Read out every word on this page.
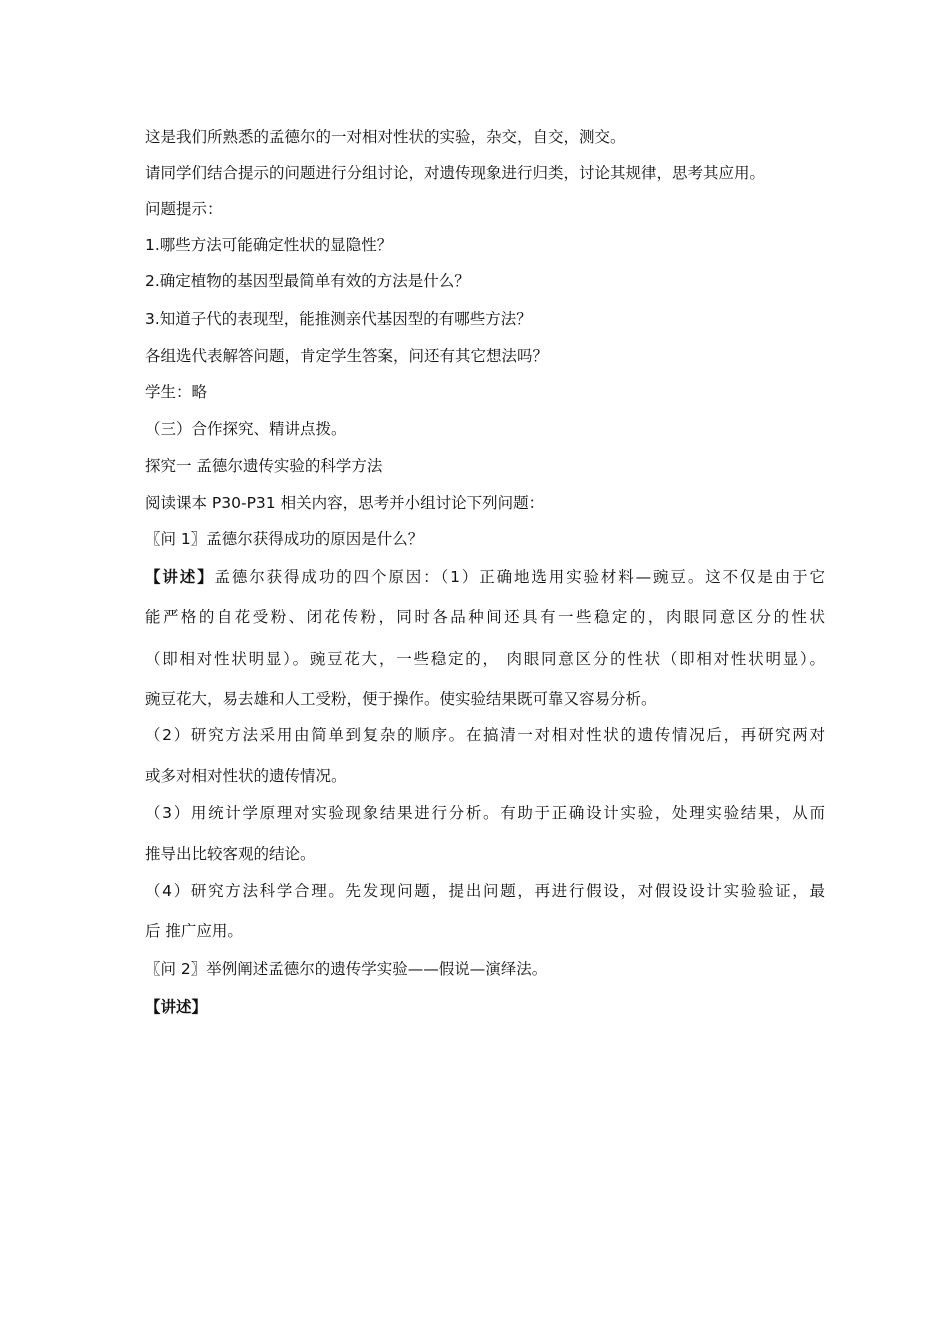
这是我们所熟悉的孟德尔的一对相对性状的实验，杂交，自交，测交。
请同学们结合提示的问题进行分组讨论，对遗传现象进行归类，讨论其规律，思考其应用。
问题提示：
1.哪些方法可能确定性状的显隐性？
2.确定植物的基因型最简单有效的方法是什么？
3.知道子代的表现型，能推测亲代基因型的有哪些方法？
各组选代表解答问题，肯定学生答案，问还有其它想法吗？
学生：略
（三）合作探究、精讲点拨。
探究一 孟德尔遗传实验的科学方法
阅读课本 P30-P31 相关内容，思考并小组讨论下列问题：
〖问 1〗孟德尔获得成功的原因是什么？
【讲述】孟德尔获得成功的四个原因：（1）正确地选用实验材料—豌豆。这不仅是由于它
能严格的自花受粉、闭花传粉，同时各品种间还具有一些稳定的，肉眼同意区分的性状
（即相对性状明显）。豌豆花大，一些稳定的， 肉眼同意区分的性状（即相对性状明显）。
豌豆花大，易去雄和人工受粉，便于操作。使实验结果既可靠又容易分析。
（2）研究方法采用由简单到复杂的顺序。在搞清一对相对性状的遗传情况后，再研究两对
或多对相对性状的遗传情况。
（3）用统计学原理对实验现象结果进行分析。有助于正确设计实验，处理实验结果，从而
推导出比较客观的结论。
（4）研究方法科学合理。先发现问题，提出问题，再进行假设，对假设设计实验验证，最
后 推广应用。
〖问 2〗举例阐述孟德尔的遗传学实验——假说—演绎法。
【讲述】
